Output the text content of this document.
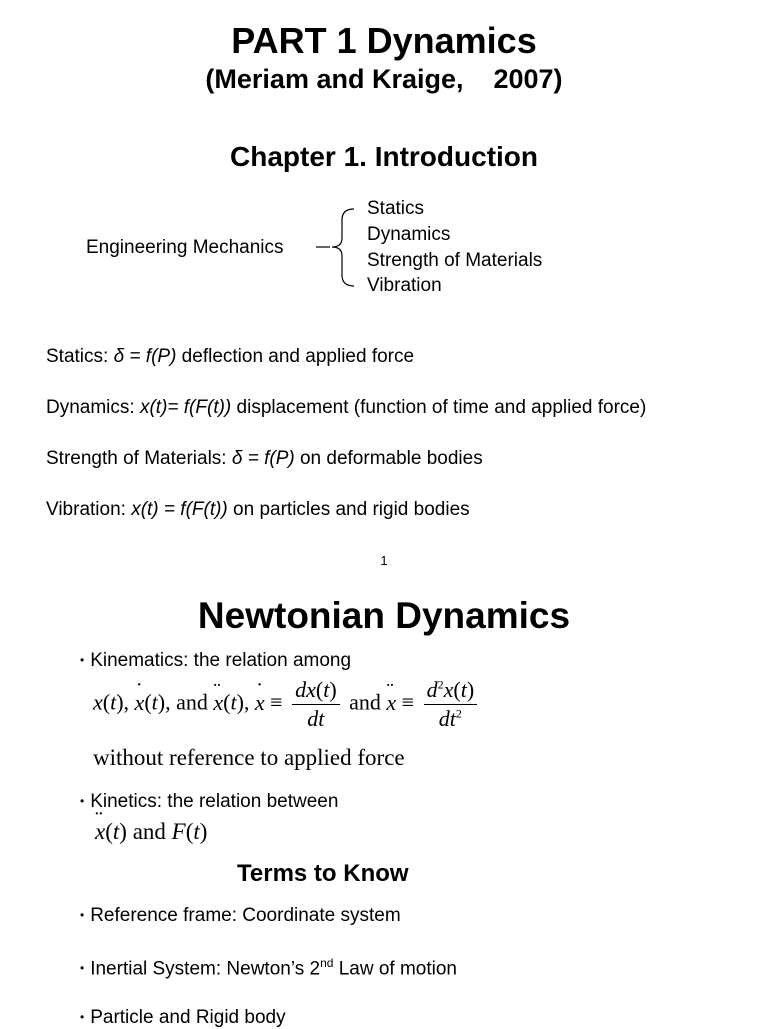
PART 1 Dynamics
(Meriam and Kraige,    2007)
Chapter 1. Introduction
Engineering Mechanics
Statics
Dynamics
Strength of Materials
Vibration
Statics: δ = f(P) deflection and applied force
Dynamics: x(t)= f(F(t)) displacement (function of time and applied force)
Strength of Materials: δ = f(P) on deformable bodies
Vibration: x(t) = f(F(t)) on particles and rigid bodies
1
Newtonian Dynamics
• Kinematics: the relation among
x(t), ˙ x(t), and ¨ x(t), ˙ $x \equiv \frac{dx(t)}{dt}$ and ¨ $x \equiv \frac{d^2x(t)}{dt^2}$
without reference to applied force
• Kinetics: the relation between
¨ x(t) and F(t)
Terms to Know
• Reference frame: Coordinate system
• Inertial System: Newton’s 2nd Law of motion
• Particle and Rigid body
